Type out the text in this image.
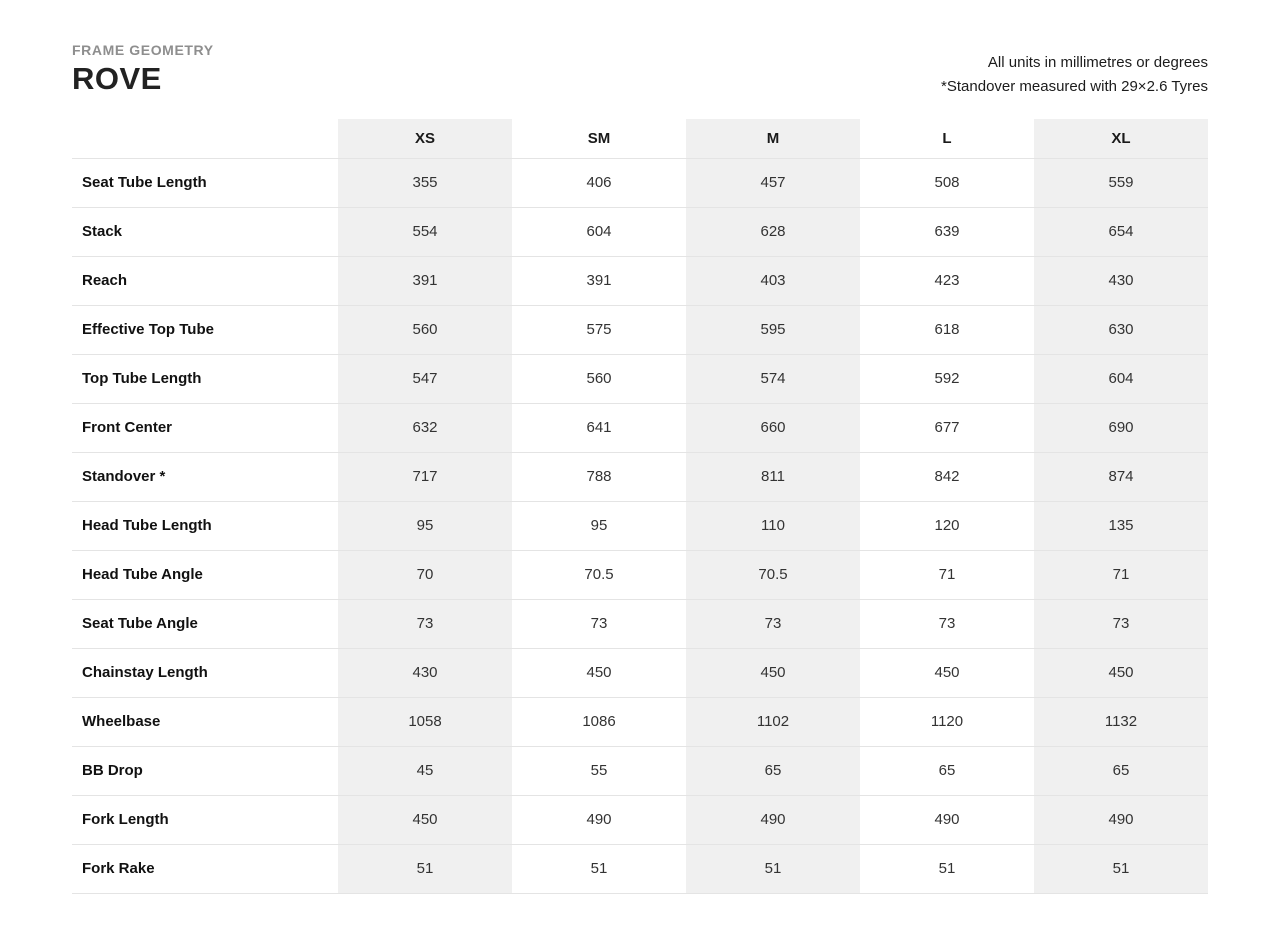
FRAME GEOMETRY
ROVE	All units in millimetres or degrees
*Standover measured with 29×2.6 Tyres
	XS	SM	M	L	XL
Seat Tube Length	355	406	457	508	559
Stack	554	604	628	639	654
Reach	391	391	403	423	430
Effective Top Tube	560	575	595	618	630
Top Tube Length	547	560	574	592	604
Front Center	632	641	660	677	690
Standover *	717	788	811	842	874
Head Tube Length	95	95	110	120	135
Head Tube Angle	70	70.5	70.5	71	71
Seat Tube Angle	73	73	73	73	73
Chainstay Length	430	450	450	450	450
Wheelbase	1058	1086	1102	1120	1132
BB Drop	45	55	65	65	65
Fork Length	450	490	490	490	490
Fork Rake	51	51	51	51	51
